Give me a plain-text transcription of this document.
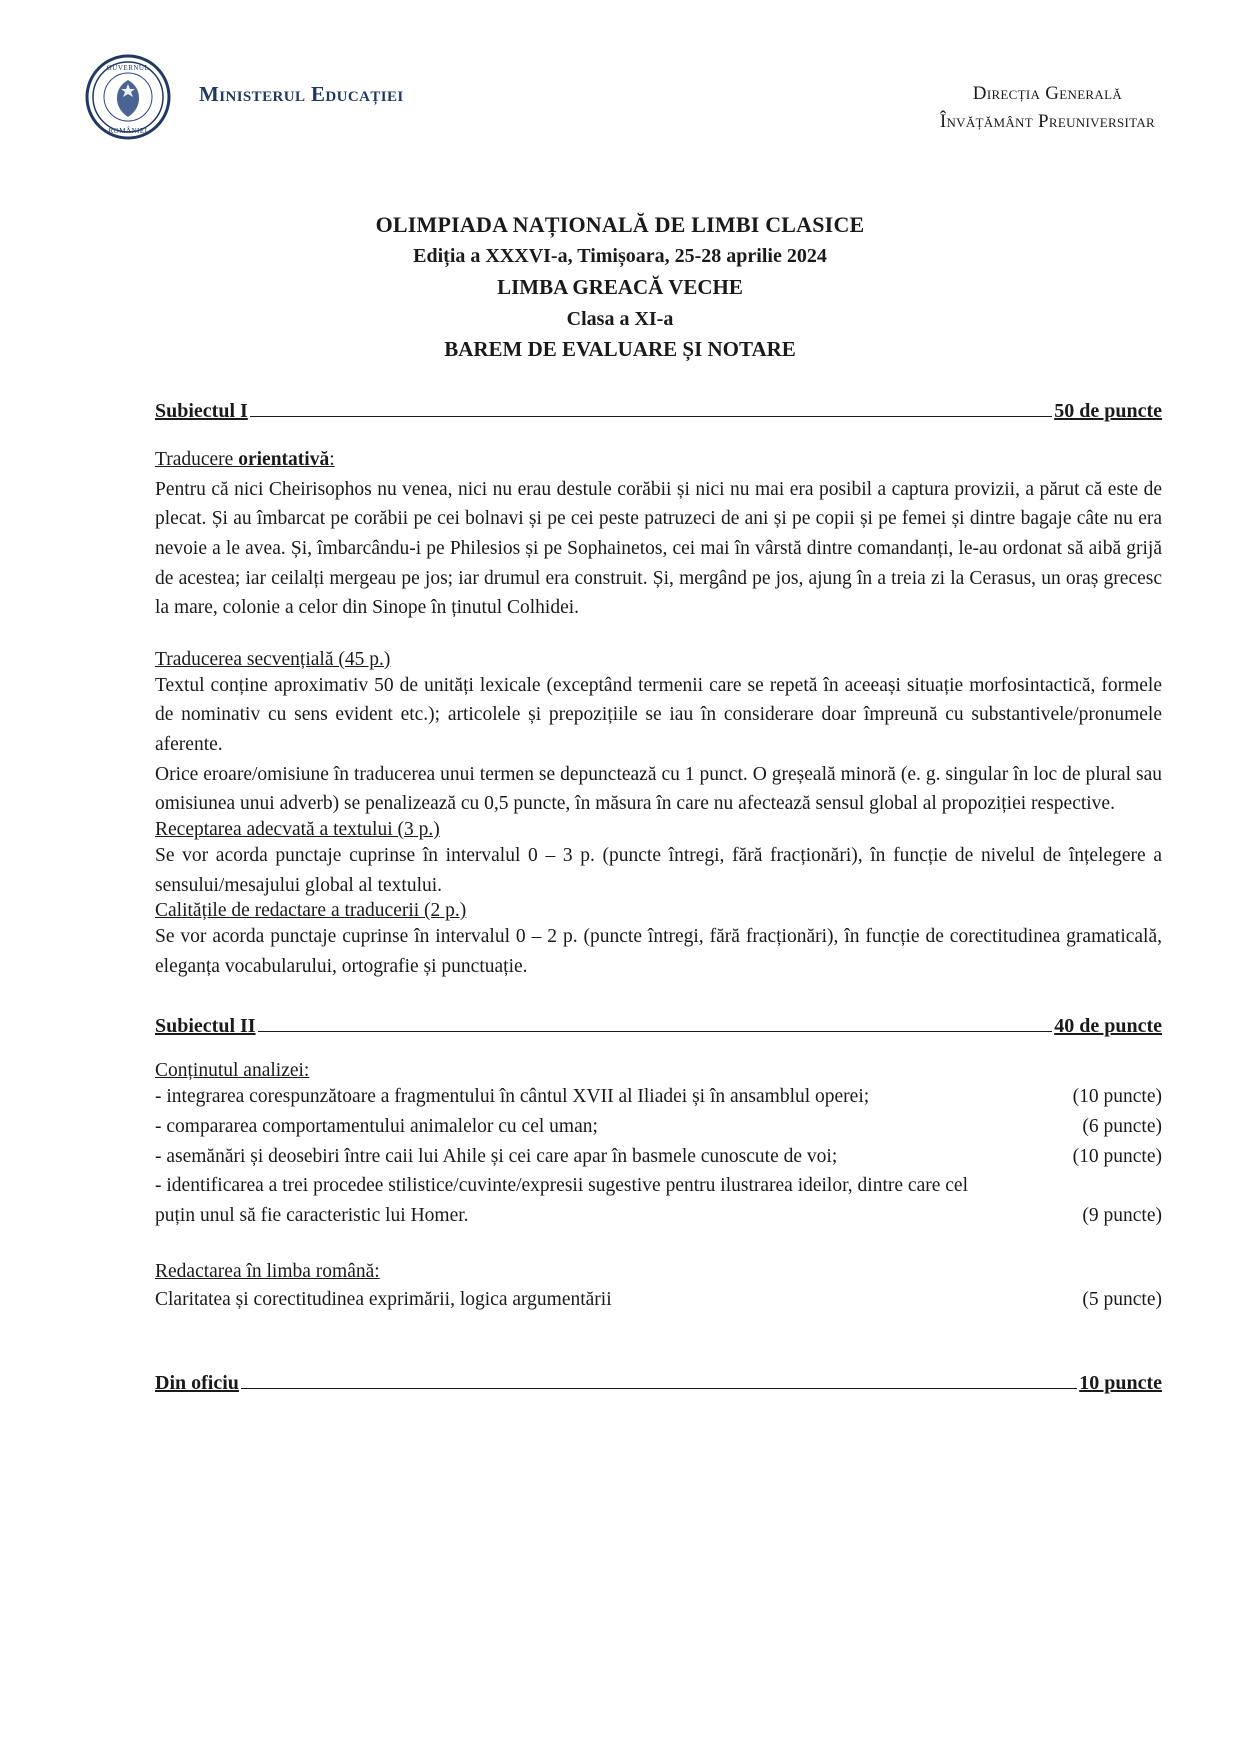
GUVERNUL
ROMÂNIEI
Ministerul Educației	Direcția Generală
Învățământ Preuniversitar
OLIMPIADA NAȚIONALĂ DE LIMBI CLASICE
Ediția a XXXVI-a, Timișoara, 25-28 aprilie 2024
LIMBA GREACĂ VECHE
Clasa a XI-a
BAREM DE EVALUARE ȘI NOTARE
Subiectul I	50 de puncte

Traducere orientativă:

Pentru că nici Cheirisophos nu venea, nici nu erau destule corăbii și nici nu mai era posibil a captura provizii, a părut că este de plecat. Și au îmbarcat pe corăbii pe cei bolnavi și pe cei peste patruzeci de ani și pe copii și pe femei și dintre bagaje câte nu era nevoie a le avea. Și, îmbarcându-i pe Philesios și pe Sophainetos, cei mai în vârstă dintre comandanți, le-au ordonat să aibă grijă de acestea; iar ceilalți mergeau pe jos; iar drumul era construit. Și, mergând pe jos, ajung în a treia zi la Cerasus, un oraș grecesc la mare, colonie a celor din Sinope în ținutul Colhidei.

Traducerea secvențială (45 p.)

Textul conține aproximativ 50 de unități lexicale (exceptând termenii care se repetă în aceeași situație morfosintactică, formele de nominativ cu sens evident etc.); articolele și prepozițiile se iau în considerare doar împreună cu substantivele/pronumele aferente.

Orice eroare/omisiune în traducerea unui termen se depunctează cu 1 punct. O greșeală minoră (e. g. singular în loc de plural sau omisiunea unui adverb) se penalizează cu 0,5 puncte, în măsura în care nu afectează sensul global al propoziției respective.

Receptarea adecvată a textului (3 p.)

Se vor acorda punctaje cuprinse în intervalul 0 – 3 p. (puncte întregi, fără fracționări), în funcție de nivelul de înțelegere a sensului/mesajului global al textului.

Calitățile de redactare a traducerii (2 p.)

Se vor acorda punctaje cuprinse în intervalul 0 – 2 p. (puncte întregi, fără fracționări), în funcție de corectitudinea gramaticală, eleganța vocabularului, ortografie și punctuație.

Subiectul II	40 de puncte

Conținutul analizei:

- integrarea corespunzătoare a fragmentului în cântul XVII al Iliadei și în ansamblul operei;	(10 puncte)
- compararea comportamentului animalelor cu cel uman;	(6 puncte)
- asemănări și deosebiri între caii lui Ahile și cei care apar în basmele cunoscute de voi;	(10 puncte)
- identificarea a trei procedee stilistice/cuvinte/expresii sugestive pentru ilustrarea ideilor, dintre care cel
puțin unul să fie caracteristic lui Homer.	(9 puncte)

Redactarea în limba română:

Claritatea și corectitudinea exprimării, logica argumentării	(5 puncte)
Din oficiu	10 puncte
